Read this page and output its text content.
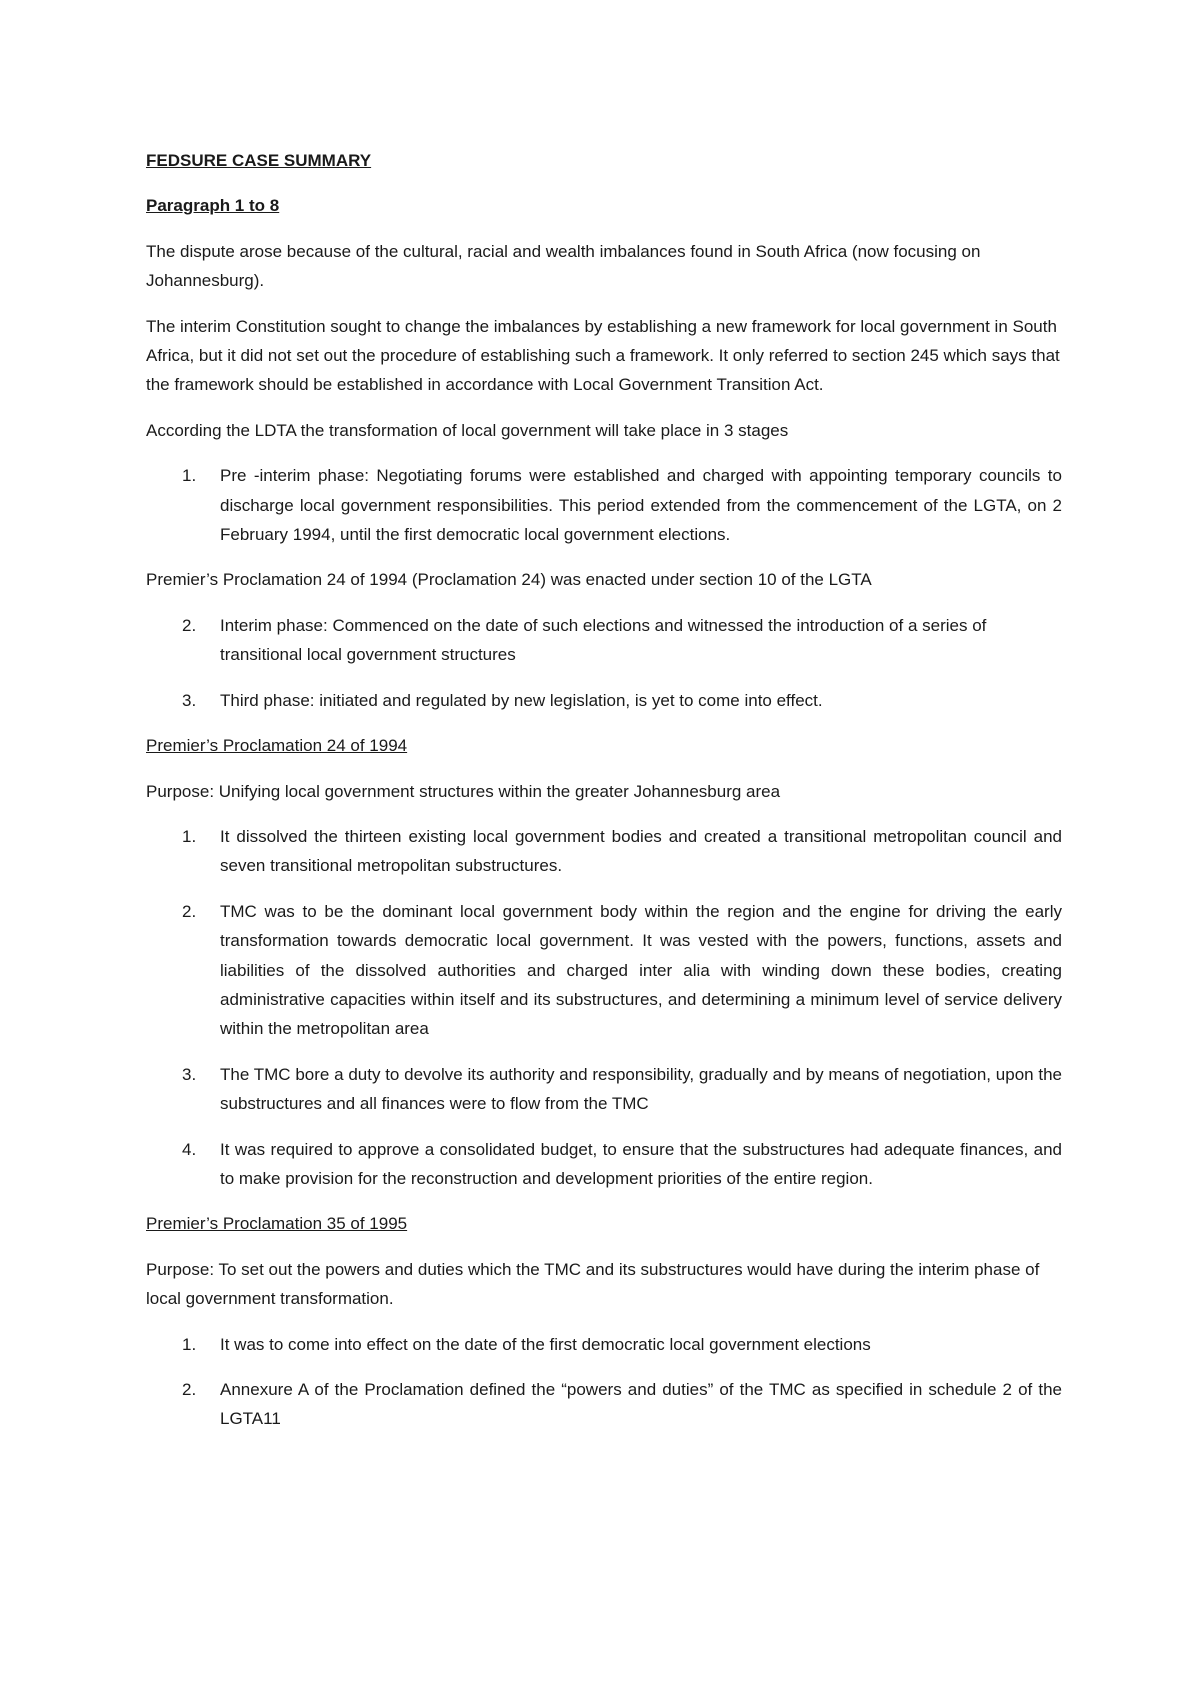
FEDSURE CASE SUMMARY

Paragraph 1 to 8

The dispute arose because of the cultural, racial and wealth imbalances found in South Africa (now focusing on Johannesburg).

The interim Constitution sought to change the imbalances by establishing a new framework for local government in South Africa, but it did not set out the procedure of establishing such a framework. It only referred to section 245 which says that the framework should be established in accordance with Local Government Transition Act.

According the LDTA the transformation of local government will take place in 3 stages

1.	Pre -interim phase: Negotiating forums were established and charged with appointing temporary councils to discharge local government responsibilities. This period extended from the commencement of the LGTA, on 2 February 1994, until the first democratic local government elections.

Premier’s Proclamation 24 of 1994 (Proclamation 24) was enacted under section 10 of the LGTA

2.	Interim phase: Commenced on the date of such elections and witnessed the introduction of a series of transitional local government structures
3.	Third phase: initiated and regulated by new legislation, is yet to come into effect.

Premier’s Proclamation 24 of 1994

Purpose: Unifying local government structures within the greater Johannesburg area

1.	It dissolved the thirteen existing local government bodies and created a transitional metropolitan council and seven transitional metropolitan substructures.
2.	TMC was to be the dominant local government body within the region and the engine for driving the early transformation towards democratic local government. It was vested with the powers, functions, assets and liabilities of the dissolved authorities and charged inter alia with winding down these bodies, creating administrative capacities within itself and its substructures, and determining a minimum level of service delivery within the metropolitan area
3.	The TMC bore a duty to devolve its authority and responsibility, gradually and by means of negotiation, upon the substructures and all finances were to flow from the TMC
4.	It was required to approve a consolidated budget, to ensure that the substructures had adequate finances, and to make provision for the reconstruction and development priorities of the entire region.

Premier’s Proclamation 35 of 1995

Purpose: To set out the powers and duties which the TMC and its substructures would have during the interim phase of local government transformation.

1.	It was to come into effect on the date of the first democratic local government elections
2.	Annexure A of the Proclamation defined the “powers and duties” of the TMC as specified in schedule 2 of the LGTA11
